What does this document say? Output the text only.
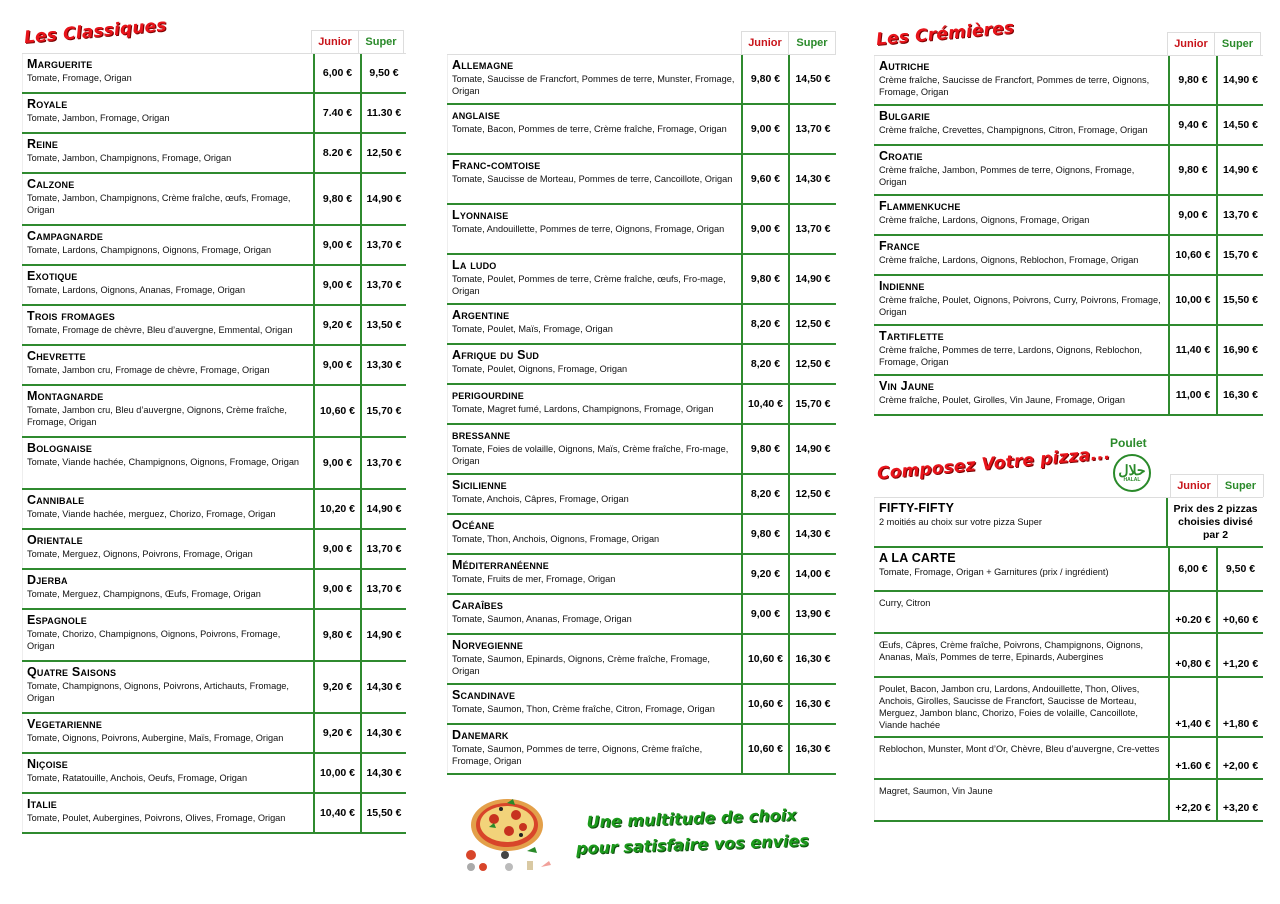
Les Classiques	Junior	Super
Marguerite
Tomate, Fromage, Origan	6,00 €	9,50 €
Royale
Tomate, Jambon, Fromage, Origan	7.40 €	11.30 €
Reine
Tomate, Jambon, Champignons, Fromage, Origan	8.20 €	12,50 €
Calzone
Tomate, Jambon, Champignons, Crème fraîche, œufs, Fromage, Origan
9,80 €	14,90 €
Campagnarde
Tomate, Lardons, Champignons, Oignons, Fromage, Origan	9,00 €	13,70 €
Exotique
Tomate, Lardons, Oignons, Ananas, Fromage, Origan	9,00 €	13,70 €
Trois fromages
Tomate, Fromage de chèvre, Bleu d’auvergne, Emmental, Origan	9,20 €	13,50 €
Chevrette
Tomate, Jambon cru, Fromage de chèvre, Fromage, Origan	9,00 €	13,30 €
Montagnarde
Tomate, Jambon cru, Bleu d’auvergne, Oignons, Crème fraîche, Fromage, Origan
10,60 €	15,70 €
Bolognaise
Tomate, Viande hachée, Champignons, Oignons, Fromage, Origan	9,00 €	13,70 €
Cannibale
Tomate, Viande hachée, merguez, Chorizo, Fromage, Origan	10,20 €	14,90 €
Orientale
Tomate, Merguez, Oignons, Poivrons, Fromage, Origan	9,00 €	13,70 €
Djerba
Tomate, Merguez, Champignons, Œufs, Fromage, Origan	9,00 €	13,70 €
Espagnole
Tomate, Chorizo, Champignons, Oignons, Poivrons, Fromage, Origan
9,80 €	14,90 €
Quatre Saisons
Tomate, Champignons, Oignons, Poivrons, Artichauts, Fromage, Origan
9,20 €	14,30 €
Vegetarienne
Tomate, Oignons, Poivrons, Aubergine, Maïs, Fromage, Origan	9,20 €	14,30 €
Niçoise
Tomate, Ratatouille, Anchois, Oeufs, Fromage, Origan	10,00 €	14,30 €
Italie
Tomate, Poulet, Aubergines, Poivrons, Olives, Fromage, Origan	10,40 €	15,50 €
Junior	Super
Allemagne
Tomate, Saucisse de Francfort, Pommes de terre, Munster, Fromage, Origan
9,80 €	14,50 €
anglaise
Tomate, Bacon, Pommes de terre, Crème fraîche, Fromage, Origan	9,00 €	13,70 €
Franc-comtoise
Tomate, Saucisse de Morteau, Pommes de terre, Cancoillote, Origan	9,60 €	14,30 €
Lyonnaise
Tomate, Andouillette, Pommes de terre, Oignons, Fromage, Origan	9,00 €	13,70 €
La ludo
Tomate, Poulet, Pommes de terre, Crème fraîche, œufs, Fro-mage, Origan
9,80 €	14,90 €
Argentine
Tomate, Poulet, Maïs, Fromage, Origan	8,20 €	12,50 €
Afrique du Sud
Tomate, Poulet, Oignons, Fromage, Origan	8,20 €	12,50 €
perigourdine
Tomate, Magret fumé, Lardons, Champignons, Fromage, Origan	10,40 €	15,70 €
bressanne
Tomate, Foies de volaille, Oignons, Maïs, Crème fraîche, Fro-mage, Origan
9,80 €	14,90 €
Sicilienne
Tomate, Anchois, Câpres, Fromage, Origan	8,20 €	12,50 €
Océane
Tomate, Thon, Anchois, Oignons, Fromage, Origan	9,80 €	14,30 €
Méditerranéenne
Tomate, Fruits de mer, Fromage, Origan	9,20 €	14,00 €
Caraîbes
Tomate, Saumon, Ananas, Fromage, Origan	9,00 €	13,90 €
Norvegienne
Tomate, Saumon, Epinards, Oignons, Crème fraîche, Fromage, Origan
10,60 €	16,30 €
Scandinave
Tomate, Saumon, Thon, Crème fraîche, Citron, Fromage, Origan	10,60 €	16,30 €
Danemark
Tomate, Saumon, Pommes de terre, Oignons, Crème fraîche, Fromage, Origan
10,60 €	16,30 €
Une multitude de choix
pour satisfaire vos envies
Les Crémières	Junior	Super
Autriche
Crème fraîche, Saucisse de Francfort, Pommes de terre, Oignons, Fromage, Origan
9,80 €	14,90 €
Bulgarie
Crème fraîche, Crevettes, Champignons, Citron, Fromage, Origan	9,40 €	14,50 €
Croatie
Crème fraîche, Jambon, Pommes de terre, Oignons, Fromage, Origan
9,80 €	14,90 €
Flammenkuche
Crème fraîche, Lardons, Oignons, Fromage, Origan	9,00 €	13,70 €
France
Crème fraîche, Lardons, Oignons, Reblochon, Fromage, Origan	10,60 €	15,70 €
Indienne
Crème fraîche, Poulet, Oignons, Poivrons, Curry, Poivrons, Fromage, Origan
10,00 €	15,50 €
Tartiflette
Crème fraîche, Pommes de terre, Lardons, Oignons, Reblochon, Fromage, Origan
11,40 €	16,90 €
Vin Jaune
Crème fraîche, Poulet, Girolles, Vin Jaune, Fromage, Origan	11,00 €	16,30 €
Composez Votre pizza...
Poulet
حلال
HALAL	Junior	Super
FIFTY-FIFTY
2 moitiés au choix sur votre pizza Super
Prix des 2 pizzas choisies divisé par 2
A LA CARTE
Tomate, Fromage, Origan + Garnitures (prix / ingrédient)	6,00 €	9,50 €
Curry, Citron
+0.20 €	+0,60 €
Œufs, Câpres, Crème fraîche, Poivrons, Champignons, Oignons, Ananas, Maïs, Pommes de terre, Epinards, Aubergines
+0,80 €	+1,20 €
Poulet, Bacon, Jambon cru, Lardons, Andouillette, Thon, Olives, Anchois, Girolles, Saucisse de Francfort, Saucisse de Morteau, Merguez, Jambon blanc, Chorizo, Foies de volaille, Cancoillote, Viande hachée	+1,40 €	+1,80 €
Reblochon, Munster, Mont d’Or, Chèvre, Bleu d’auvergne, Cre-vettes
+1.60 €	+2,00 €
Magret, Saumon, Vin Jaune
+2,20 €	+3,20 €
